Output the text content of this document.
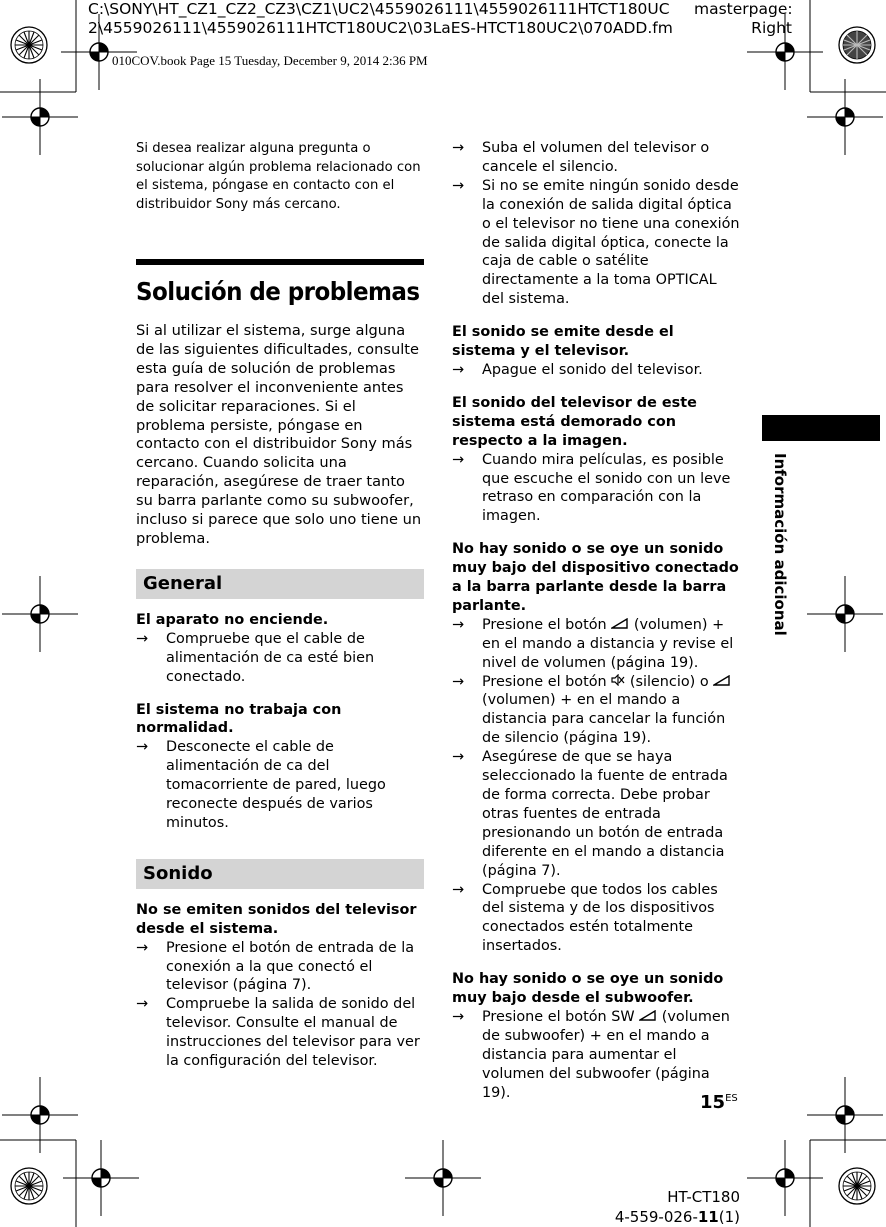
C:\SONY\HT_CZ1_CZ2_CZ3\CZ1\UC2\4559026111\4559026111HTCT180UC
2\4559026111\4559026111HTCT180UC2\03LaES-HTCT180UC2\070ADD.fm
masterpage:
Right
010COV.book Page 15 Tuesday, December 9, 2014 2:36 PM

Si desea realizar alguna pregunta o solucionar algún problema relacionado con el sistema, póngase en contacto con el distribuidor Sony más cercano.

Solución de problemas

Si al utilizar el sistema, surge alguna de las siguientes dificultades, consulte esta guía de solución de problemas para resolver el inconveniente antes de solicitar reparaciones. Si el problema persiste, póngase en contacto con el distribuidor Sony más cercano. Cuando solicita una reparación, asegúrese de traer tanto su barra parlante como su subwoofer, incluso si parece que solo uno tiene un problema.

General
El aparato no enciende.
→	Compruebe que el cable de alimentación de ca esté bien conectado.
El sistema no trabaja con normalidad.
→	Desconecte el cable de alimentación de ca del tomacorriente de pared, luego reconecte después de varios minutos.
Sonido
No se emiten sonidos del televisor desde el sistema.
→	Presione el botón de entrada de la conexión a la que conectó el televisor (página 7).
→	Compruebe la salida de sonido del televisor. Consulte el manual de instrucciones del televisor para ver la configuración del televisor.
→	Suba el volumen del televisor o cancele el silencio.
→	Si no se emite ningún sonido desde la conexión de salida digital óptica o el televisor no tiene una conexión de salida digital óptica, conecte la caja de cable o satélite directamente a la toma OPTICAL del sistema.
El sonido se emite desde el sistema y el televisor.
→	Apague el sonido del televisor.
El sonido del televisor de este sistema está demorado con respecto a la imagen.
→	Cuando mira películas, es posible que escuche el sonido con un leve retraso en comparación con la imagen.
No hay sonido o se oye un sonido muy bajo del dispositivo conectado a la barra parlante desde la barra parlante.
→	Presione el botón (volumen) + en el mando a distancia y revise el nivel de volumen (página 19).
→	Presione el botón (silencio) o  (volumen) + en el mando a distancia para cancelar la función de silencio (página 19).
→	Asegúrese de que se haya seleccionado la fuente de entrada de forma correcta. Debe probar otras fuentes de entrada presionando un botón de entrada diferente en el mando a distancia (página 7).
→	Compruebe que todos los cables del sistema y de los dispositivos conectados estén totalmente insertados.
No hay sonido o se oye un sonido muy bajo desde el subwoofer.
→	Presione el botón SW (volumen de subwoofer) + en el mando a distancia para aumentar el volumen del subwoofer (página 19).
Información adicional
$15^{ES}$
HT-CT180
4-559-026-11(1)
